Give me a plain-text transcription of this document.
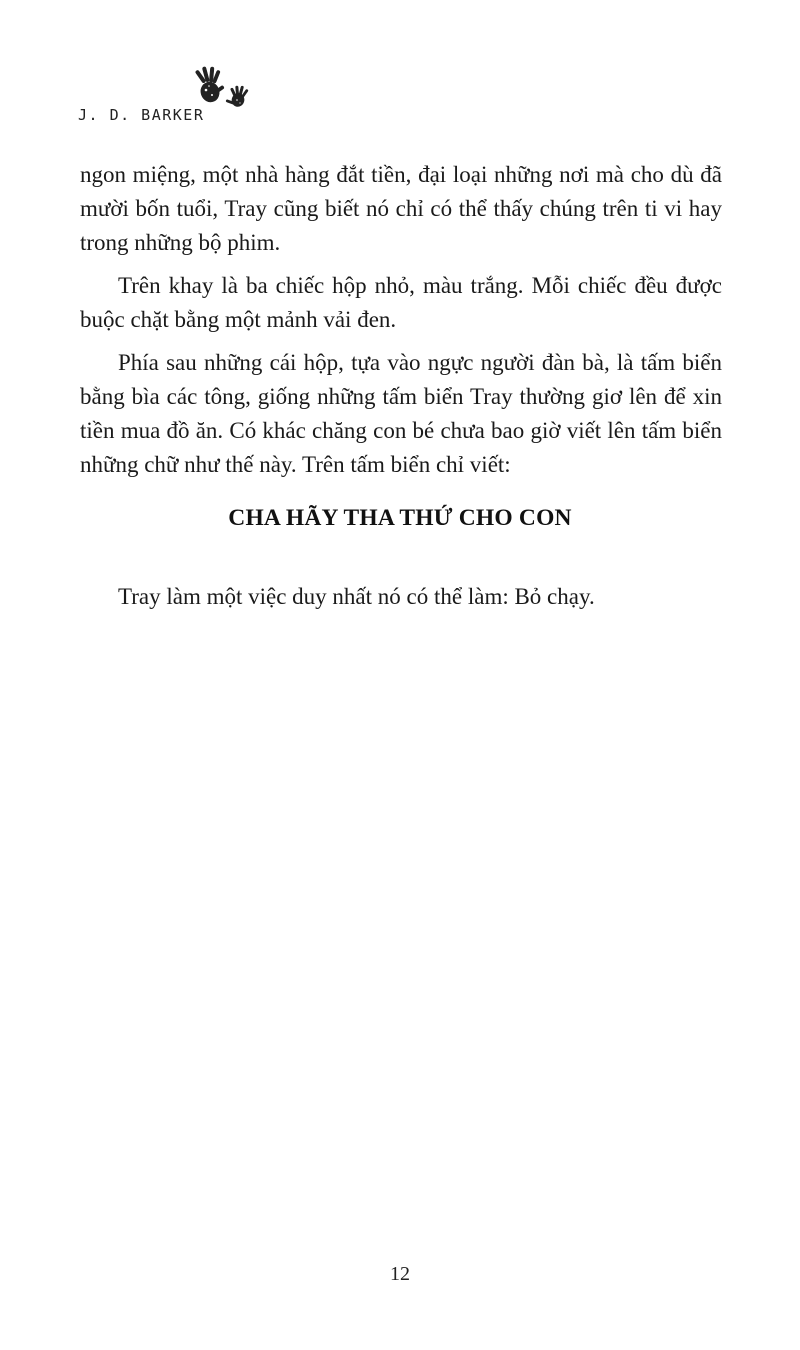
J. D. BARKER

ngon miệng, một nhà hàng đắt tiền, đại loại những nơi mà cho dù đã mười bốn tuổi, Tray cũng biết nó chỉ có thể thấy chúng trên ti vi hay trong những bộ phim.

Trên khay là ba chiếc hộp nhỏ, màu trắng. Mỗi chiếc đều được buộc chặt bằng một mảnh vải đen.

Phía sau những cái hộp, tựa vào ngực người đàn bà, là tấm biển bằng bìa các tông, giống những tấm biển Tray thường giơ lên để xin tiền mua đồ ăn. Có khác chăng con bé chưa bao giờ viết lên tấm biển những chữ như thế này. Trên tấm biển chỉ viết:

CHA HÃY THA THỨ CHO CON
Tray làm một việc duy nhất nó có thể làm: Bỏ chạy.
12
